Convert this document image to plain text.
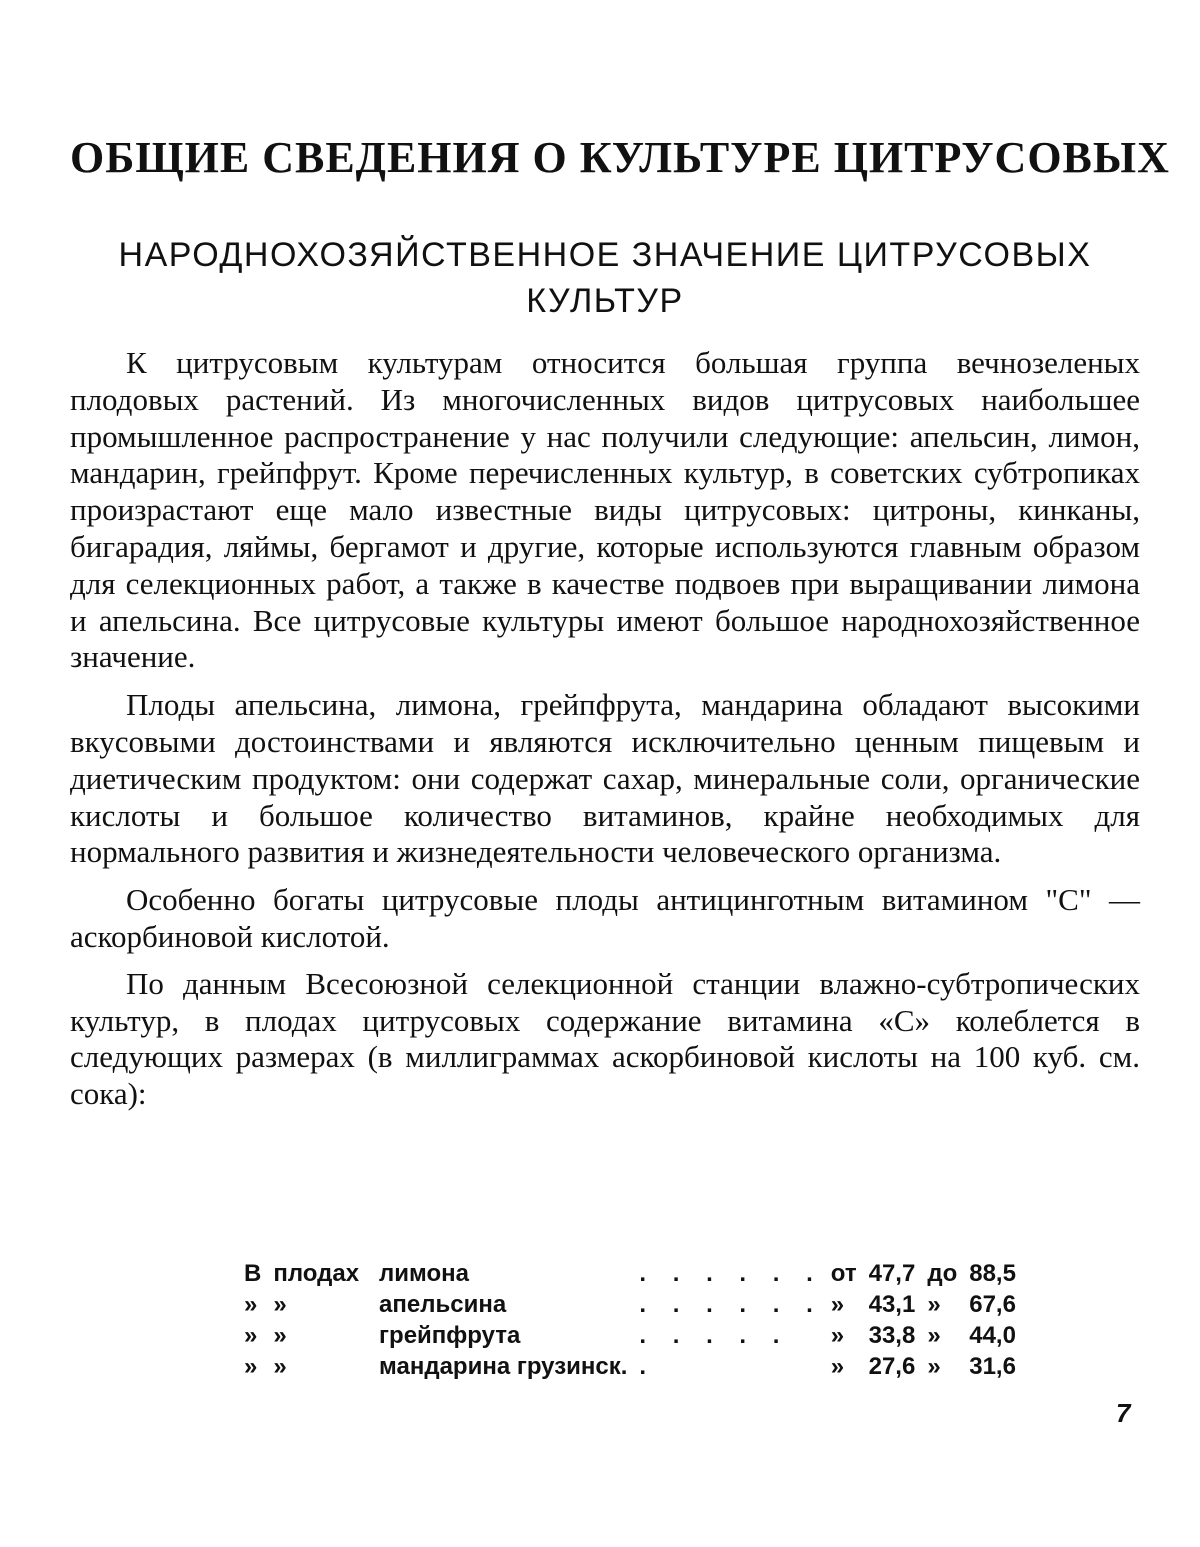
ОБЩИЕ СВЕДЕНИЯ О КУЛЬТУРЕ ЦИТРУСОВЫХ
НАРОДНОХОЗЯЙСТВЕННОЕ ЗНАЧЕНИЕ ЦИТРУСОВЫХ
КУЛЬТУР

К цитрусовым культурам относится большая группа вечнозеленых плодовых растений. Из многочисленных видов цитрусовых наибольшее промышленное распространение у нас получили следующие: апельсин, лимон, мандарин, грейпфрут. Кроме перечисленных культур, в советских субтропиках произрастают еще мало известные виды цитрусовых: цитроны, кинканы, бигарадия, ляймы, бергамот и другие, которые используются главным образом для селекционных работ, а также в качестве подвоев при выращивании лимона и апельсина. Все цитрусовые культуры имеют большое народнохозяйственное значение.

Плоды апельсина, лимона, грейпфрута, мандарина обладают высокими вкусовыми достоинствами и являются исключительно ценным пищевым и диетическим продуктом: они содержат сахар, минеральные соли, органические кислоты и большое количество витаминов, крайне необходимых для нормального развития и жизнедеятельности человеческого организма.

Особенно богаты цитрусовые плоды антицинготным витамином "С" — аскорбиновой кислотой.

По данным Всесоюзной селекционной станции влажно-субтропических культур, в плодах цитрусовых содержание витамина «С» колеблется в следующих размерах (в миллиграммах аскорбиновой кислоты на 100 куб. см. сока):

В	плодах	лимона	. . . . . .	от	47,7	до	88,5
»	»	апельсина	. . . . . .	»	43,1	»	67,6
»	»	грейпфрута	. . . . .	»	33,8	»	44,0
»	»	мандарина грузинск.	.	»	27,6	»	31,6
7
